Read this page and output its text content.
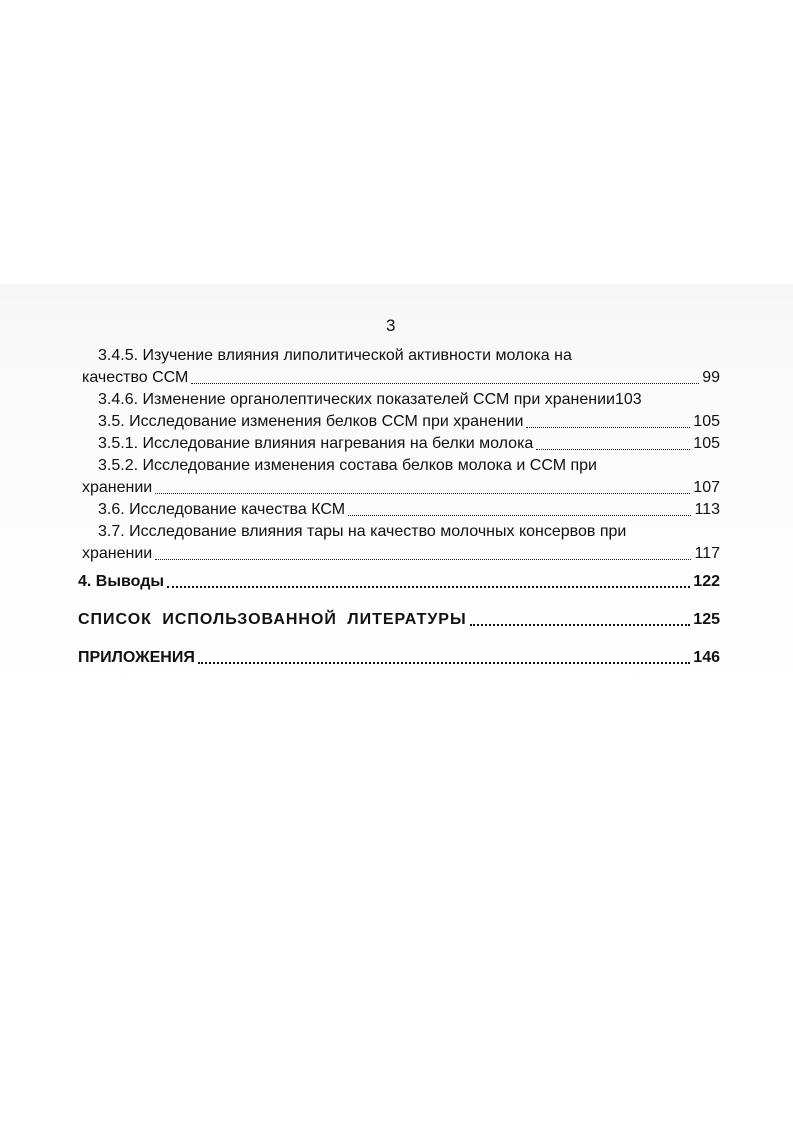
3
3.4.5. Изучение влияния липолитической активности молока на
качество ССМ	99
3.4.6. Изменение органолептических показателей ССМ при хранении 103
3.5. Исследование изменения белков ССМ при хранении	105
3.5.1. Исследование влияния нагревания на белки молока	105
3.5.2. Исследование изменения состава белков молока и ССМ при
хранении	107
3.6. Исследование качества КСМ	113
3.7. Исследование влияния тары на качество молочных консервов при
хранении	117
4. Выводы	122
СПИСОК ИСПОЛЬЗОВАННОЙ ЛИТЕРАТУРЫ	125
ПРИЛОЖЕНИЯ	146
